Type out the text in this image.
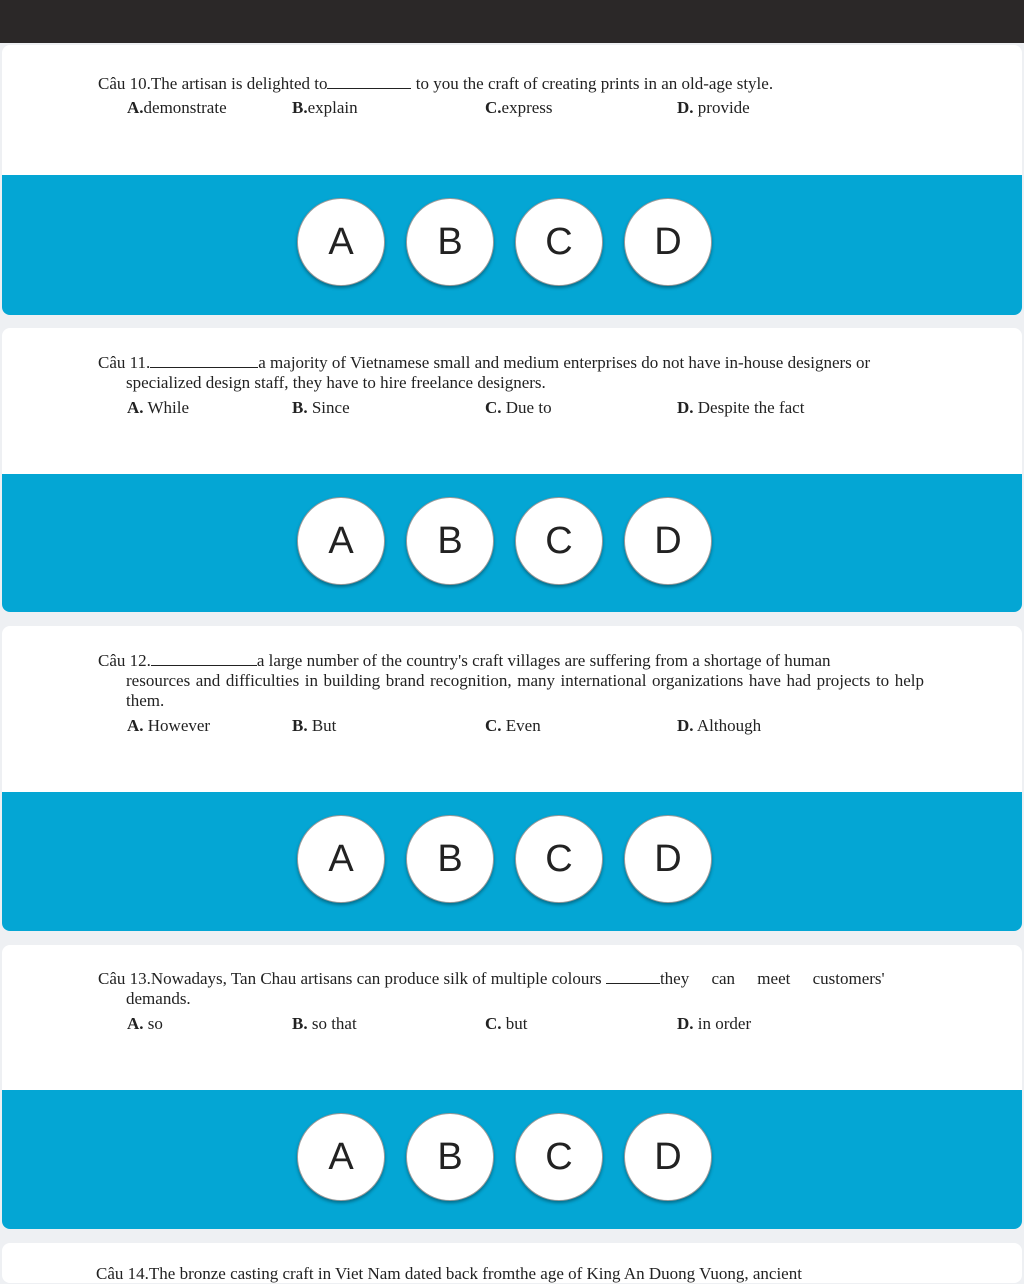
Câu 10.The artisan is delighted to	to you the craft of creating prints in an old-age style.
A.demonstrate	B.explain	C.express	D. provide
A	B	C	D
Câu 11.	a majority of Vietnamese small and medium enterprises do not have in-house designers or
specialized design staff, they have to hire freelance designers.
A. While	B. Since	C. Due to	D. Despite the fact
A	B	C	D
Câu 12.	a large number of the country's craft villages are suffering from a shortage of human
resources and difficulties in building brand recognition, many international organizations have had projects to help them.
A. However	B. But	C. Even	D. Although
A	B	C	D
Câu 13.Nowadays, Tan Chau artisans can produce silk of multiple colours	they can meet customers'
demands.
A. so	B. so that	C. but	D. in order
A	B	C	D
Câu 14.The bronze casting craft in Viet Nam dated back fromthe age of King An Duong Vuong, ancient
